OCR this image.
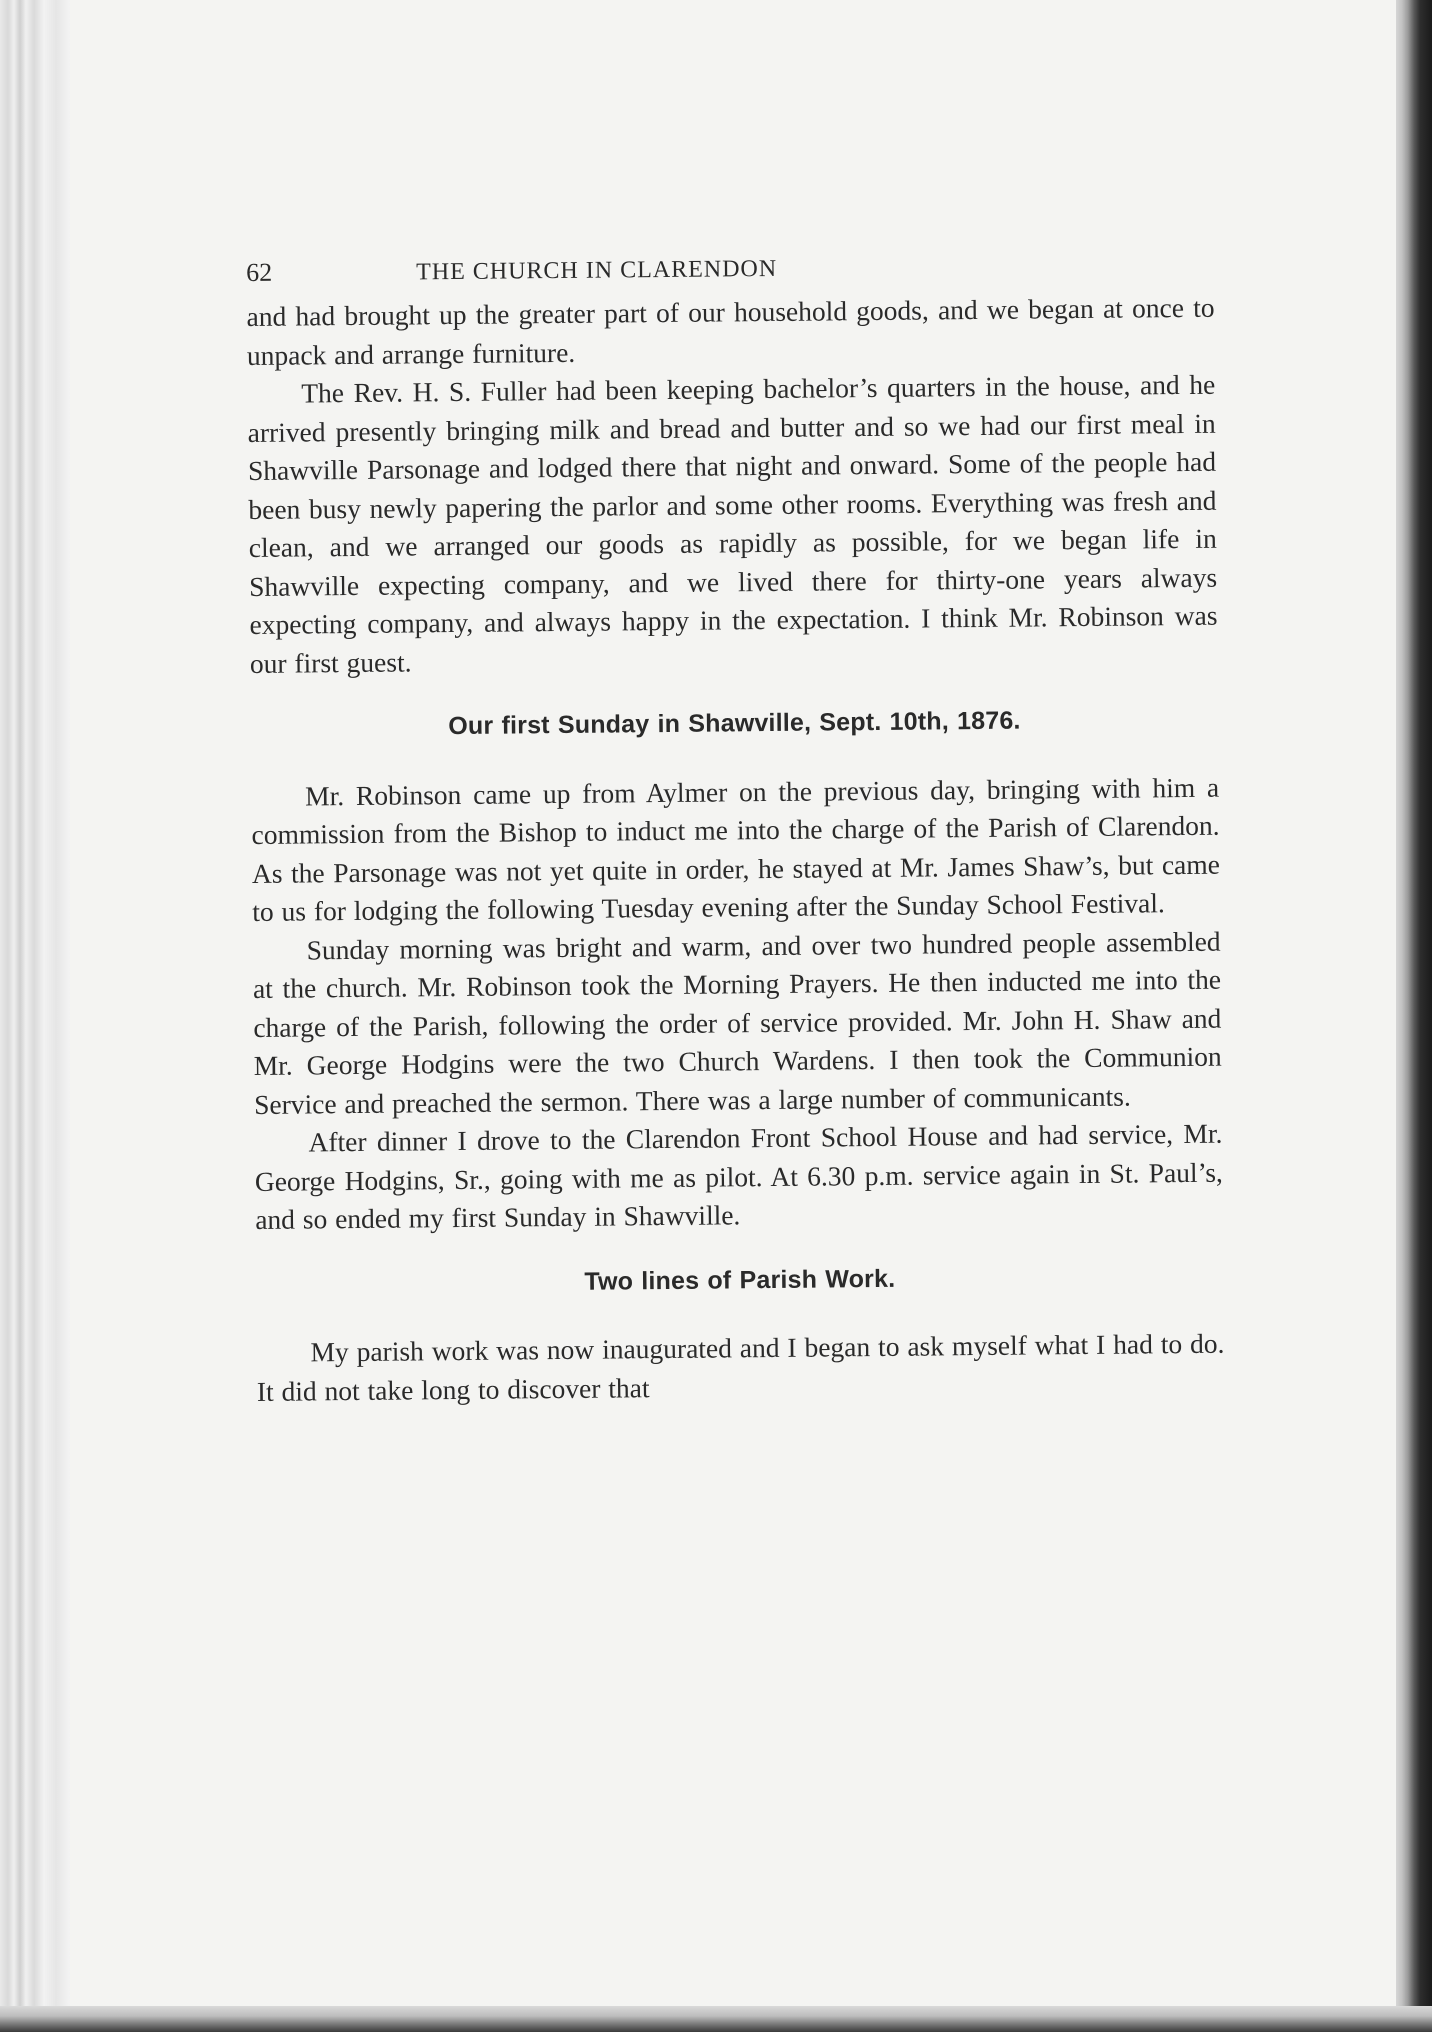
62	THE CHURCH IN CLARENDON

and had brought up the greater part of our household goods, and we began at once to unpack and arrange furniture.

The Rev. H. S. Fuller had been keeping bachelor’s quarters in the house, and he arrived presently bringing milk and bread and butter and so we had our first meal in Shawville Parsonage and lodged there that night and onward. Some of the people had been busy newly papering the parlor and some other rooms. Everything was fresh and clean, and we arranged our goods as rapidly as possible, for we began life in Shawville expecting company, and we lived there for thirty-one years always expecting company, and always happy in the expectation. I think Mr. Robinson was our first guest.

Our first Sunday in Shawville, Sept. 10th, 1876.

Mr. Robinson came up from Aylmer on the previous day, bringing with him a commission from the Bishop to induct me into the charge of the Parish of Clarendon. As the Parsonage was not yet quite in order, he stayed at Mr. James Shaw’s, but came to us for lodging the following Tuesday evening after the Sunday School Festival.

Sunday morning was bright and warm, and over two hundred people assembled at the church. Mr. Robinson took the Morning Prayers. He then inducted me into the charge of the Parish, following the order of service provided. Mr. John H. Shaw and Mr. George Hodgins were the two Church Wardens. I then took the Communion Service and preached the sermon. There was a large number of communicants.

After dinner I drove to the Clarendon Front School House and had service, Mr. George Hodgins, Sr., going with me as pilot. At 6.30 p.m. service again in St. Paul’s, and so ended my first Sunday in Shawville.

Two lines of Parish Work.

My parish work was now inaugurated and I began to ask myself what I had to do. It did not take long to discover that
